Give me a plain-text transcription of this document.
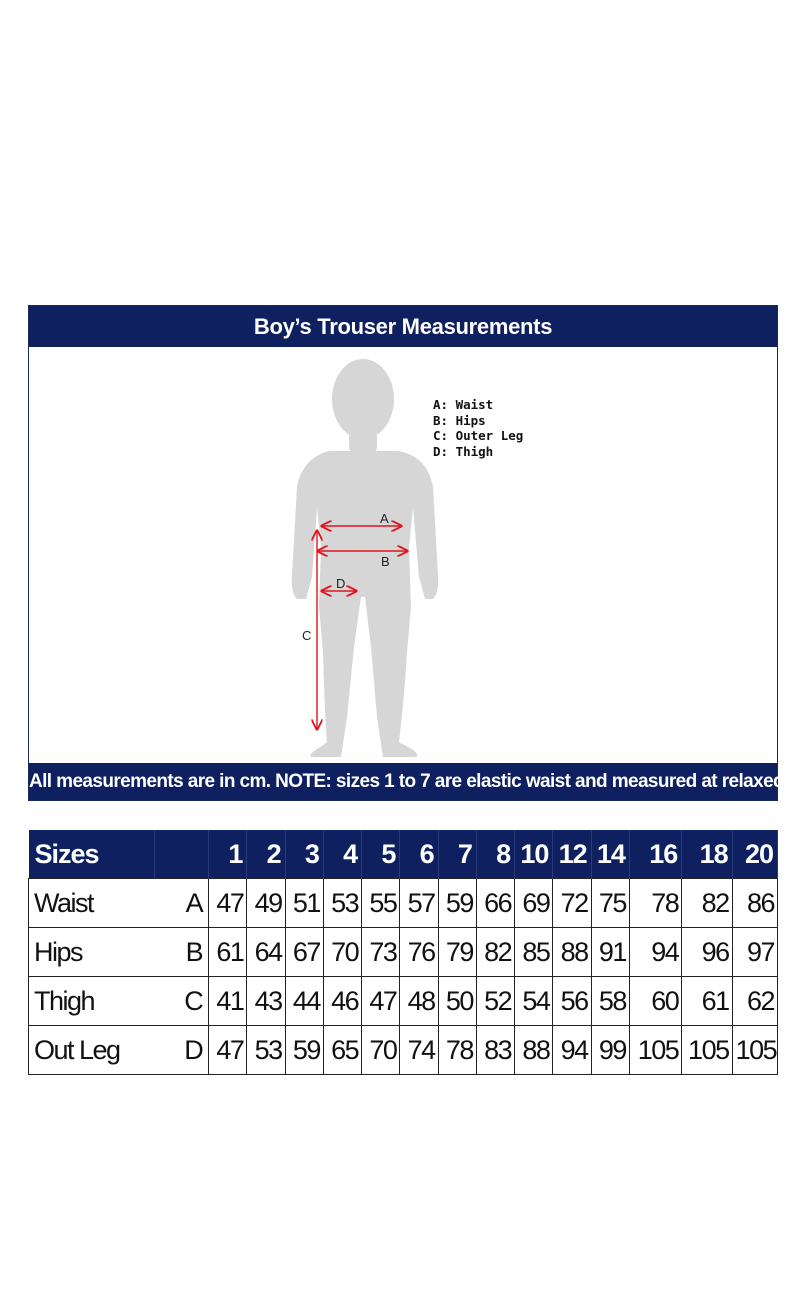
Boy’s Trouser Measurements
A
B
C
D
A: Waist
B: Hips
C: Outer Leg
D: Thigh
All measurements are in cm. NOTE: sizes 1 to 7 are elastic waist and measured at relaxed.
Sizes		1	2	3	4	5	6	7	8	10	12	14	16	18	20
Waist	A	47	49	51	53	55	57	59	66	69	72	75	78	82	86
Hips	B	61	64	67	70	73	76	79	82	85	88	91	94	96	97
Thigh	C	41	43	44	46	47	48	50	52	54	56	58	60	61	62
Out Leg	D	47	53	59	65	70	74	78	83	88	94	99	105	105	105
